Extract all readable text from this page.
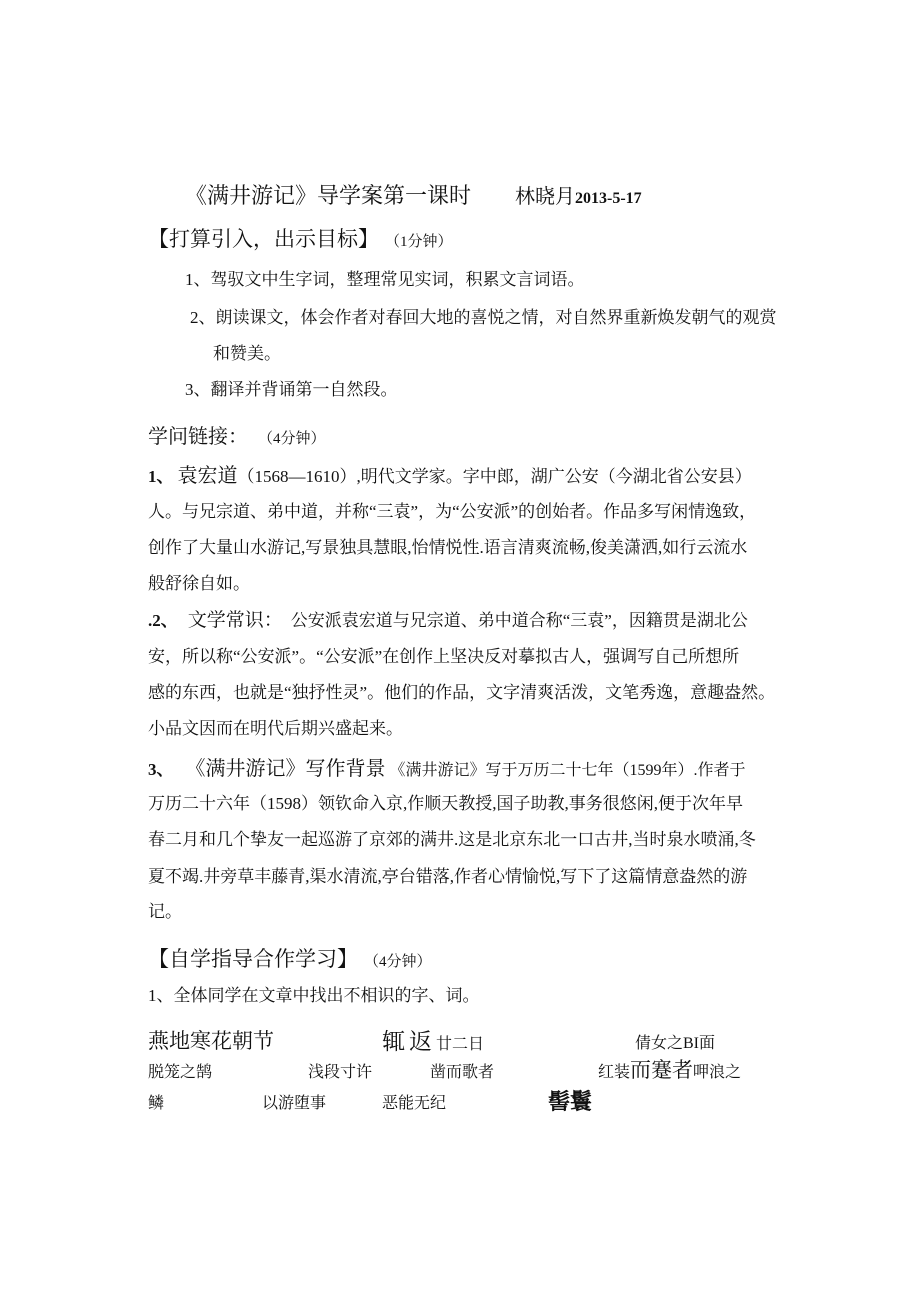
《满井游记》导学案第一课时 林晓月 2013-5-17
【打算引入，出示目标】 （1分钟）
1、驾驭文中生字词，整理常见实词，积累文言词语。
2、朗读课文，体会作者对春回大地的喜悦之情，对自然界重新焕发朝气的观赏
和赞美。
3、翻译并背诵第一自然段。
学问链接： （4分钟）
1、 袁宏道 （1568—1610）,明代文学家。字中郎，湖广公安（今湖北省公安县）
人。与兄宗道、弟中道，并称“三袁”，为“公安派”的创始者。作品多写闲情逸致，
创作了大量山水游记,写景独具慧眼,怡情悦性.语言清爽流畅,俊美潇洒,如行云流水
般舒徐自如。
.2、 文学常识： 公安派袁宏道与兄宗道、弟中道合称“三袁”，因籍贯是湖北公
安，所以称“公安派”。“公安派”在创作上坚决反对摹拟古人，强调写自己所想所
感的东西，也就是“独抒性灵”。他们的作品，文字清爽活泼，文笔秀逸，意趣盎然。
小品文因而在明代后期兴盛起来。
3、 《满井游记》写作背景 《满井游记》写于万历二十七年（1599年）.作者于
万历二十六年（1598）领钦命入京,作顺天教授,国子助教,事务很悠闲,便于次年早
春二月和几个挚友一起巡游了京郊的满井.这是北京东北一口古井,当时泉水喷涌,冬
夏不竭.井旁草丰藤青,渠水清流,亭台错落,作者心情愉悦,写下了这篇情意盎然的游
记。
【自学指导合作学习】 （4分钟）
1、全体同学在文章中找出不相识的字、词。
燕地寒花朝节	辄返 廿二日	倩女之BI面
脱笼之鹄	浅段寸许	凿而歌者	红装 而蹇者 呷浪之
鳞	以游堕事	恶能无纪	髻鬟
